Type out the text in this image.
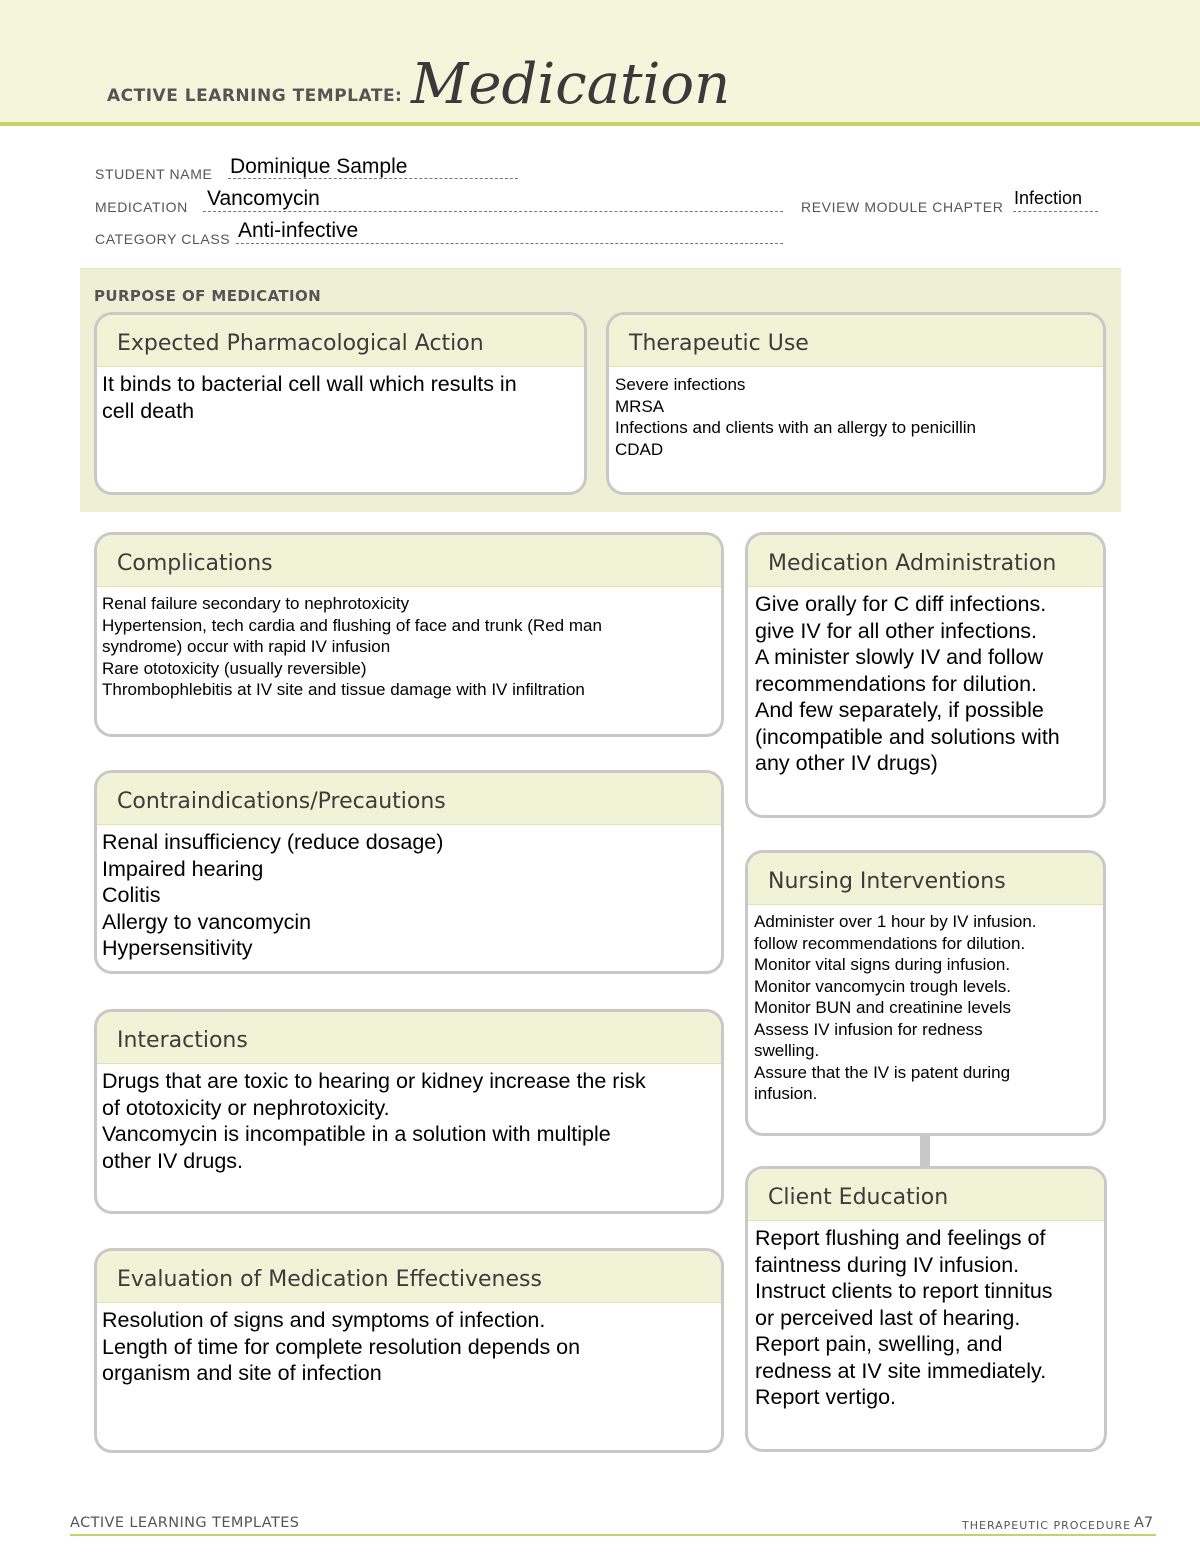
ACTIVE LEARNING TEMPLATE: Medication
STUDENT NAME Dominique Sample
MEDICATION Vancomycin	REVIEW MODULE CHAPTER Infection
CATEGORY CLASS Anti-infective
PURPOSE OF MEDICATION
Expected Pharmacological Action
It binds to bacterial cell wall which results in
cell death
Therapeutic Use
Severe infections
MRSA
Infections and clients with an allergy to penicillin
CDAD
Complications
Renal failure secondary to nephrotoxicity
Hypertension, tech cardia and flushing of face and trunk (Red man
syndrome) occur with rapid IV infusion
Rare ototoxicity (usually reversible)
Thrombophlebitis at IV site and tissue damage with IV infiltration
Medication Administration
Give orally for C diff infections.
give IV for all other infections.
A minister slowly IV and follow
recommendations for dilution.
And few separately, if possible
(incompatible and solutions with
any other IV drugs)
Contraindications/Precautions
Renal insufficiency (reduce dosage)
Impaired hearing
Colitis
Allergy to vancomycin
Hypersensitivity
Nursing Interventions
Administer over 1 hour by IV infusion.
follow recommendations for dilution.
Monitor vital signs during infusion.
Monitor vancomycin trough levels.
Monitor BUN and creatinine levels
Assess IV infusion for redness
swelling.
Assure that the IV is patent during
infusion.
Interactions
Drugs that are toxic to hearing or kidney increase the risk
of ototoxicity or nephrotoxicity.
Vancomycin is incompatible in a solution with multiple
other IV drugs.
Client Education
Report flushing and feelings of
faintness during IV infusion.
Instruct clients to report tinnitus
or perceived last of hearing.
Report pain, swelling, and
redness at IV site immediately.
Report vertigo.
Evaluation of Medication Effectiveness
Resolution of signs and symptoms of infection.
Length of time for complete resolution depends on
organism and site of infection
ACTIVE LEARNING TEMPLATES	THERAPEUTIC PROCEDURE A7
